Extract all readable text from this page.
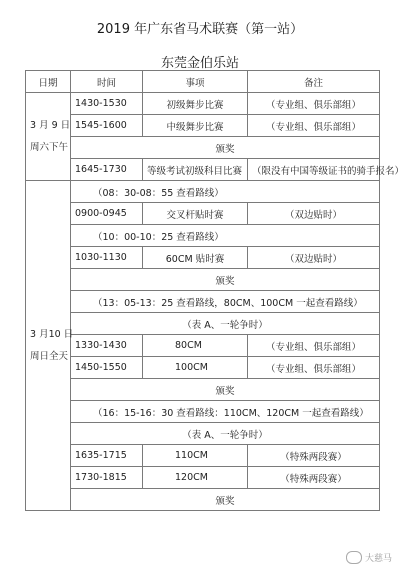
2019 年广东省马术联赛（第一站）
东莞金伯乐站
日期	时间	事项	备注

3 月 9 日
周六下午	1430-1530	初级舞步比赛	（专业组、俱乐部组）
	1545-1600	中级舞步比赛	（专业组、俱乐部组）
	颁奖		
	1645-1730	等级考试初级科目比赛	（限没有中国等级证书的骑手报名）

3 月10 日
周日全天	（08：30-08：55 查看路线）		
	0900-0945	交叉杆贴时赛	（双边贴时）
	（10：00-10：25 查看路线）		
	1030-1130	60CM 贴时赛	（双边贴时）
	颁奖		
	（13：05-13：25 查看路线，80CM、100CM 一起查看路线）		
	（表 A、一轮争时）		
	1330-1430	80CM	（专业组、俱乐部组）
	1450-1550	100CM	（专业组、俱乐部组）
	颁奖		
	（16：15-16：30 查看路线：110CM、120CM 一起查看路线）		
	（表 A、一轮争时）		
	1635-1715	110CM	（特殊两段赛）
	1730-1815	120CM	（特殊两段赛）
	颁奖		
大慈马
